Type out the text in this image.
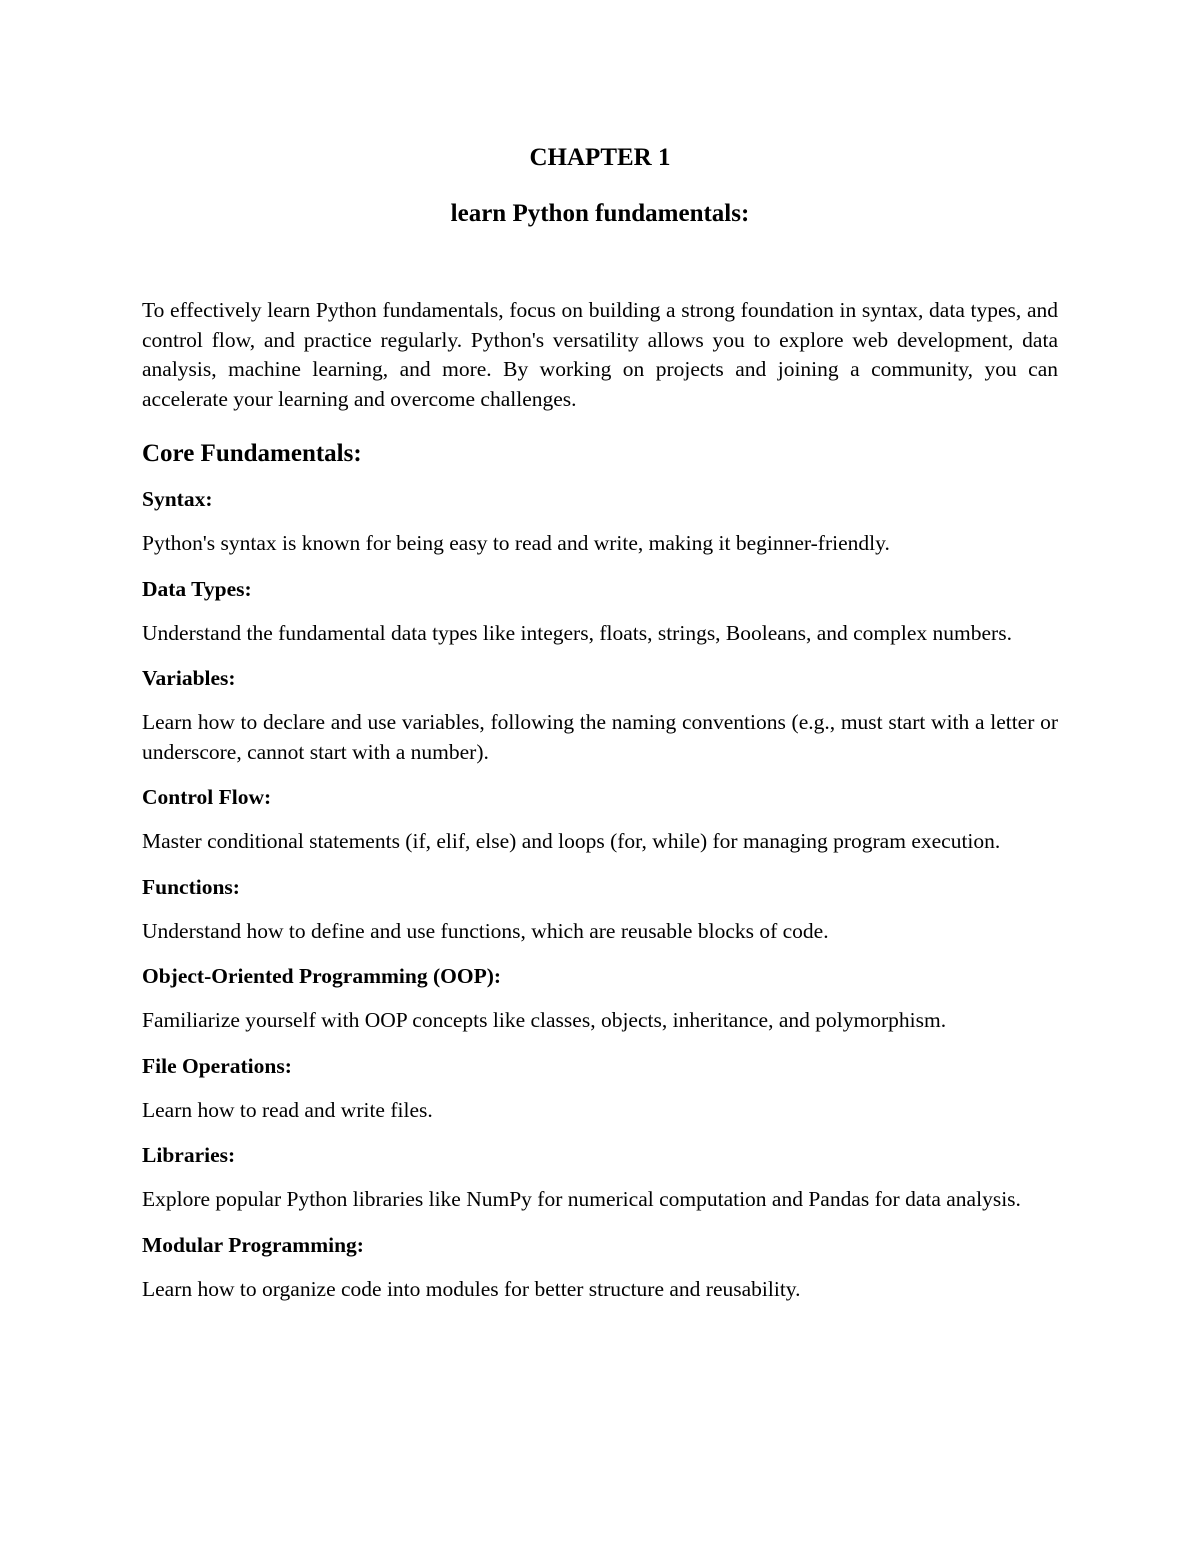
CHAPTER 1
learn Python fundamentals:

To effectively learn Python fundamentals, focus on building a strong foundation in syntax, data types, and control flow, and practice regularly. Python's versatility allows you to explore web development, data analysis, machine learning, and more. By working on projects and joining a community, you can accelerate your learning and overcome challenges.

Core Fundamentals:
Syntax:

Python's syntax is known for being easy to read and write, making it beginner-friendly.

Data Types:

Understand the fundamental data types like integers, floats, strings, Booleans, and complex numbers.

Variables:

Learn how to declare and use variables, following the naming conventions (e.g., must start with a letter or underscore, cannot start with a number).

Control Flow:

Master conditional statements (if, elif, else) and loops (for, while) for managing program execution.

Functions:

Understand how to define and use functions, which are reusable blocks of code.

Object-Oriented Programming (OOP):

Familiarize yourself with OOP concepts like classes, objects, inheritance, and polymorphism.

File Operations:

Learn how to read and write files.

Libraries:

Explore popular Python libraries like NumPy for numerical computation and Pandas for data analysis.

Modular Programming:

Learn how to organize code into modules for better structure and reusability.
